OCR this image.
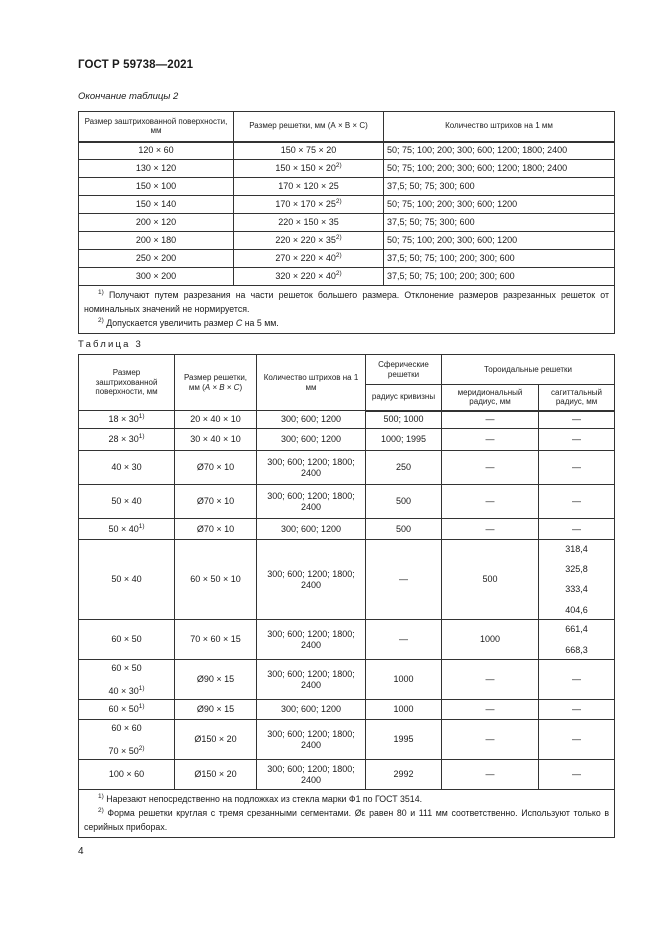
ГОСТ Р 59738—2021
Окончание таблицы 2
Размер заштрихованной поверхности, мм	Размер решетки, мм (А × B × С)	Количество штрихов на 1 мм
120 × 60	150 × 75 × 20	50; 75; 100; 200; 300; 600; 1200; 1800; 2400
130 × 120	$150 \times 150 \times 20^{2)}$	50; 75; 100; 200; 300; 600; 1200; 1800; 2400
150 × 100	170 × 120 × 25	37,5; 50; 75; 300; 600
150 × 140	$170 \times 170 \times 25^{2)}$	50; 75; 100; 200; 300; 600; 1200
200 × 120	220 × 150 × 35	37,5; 50; 75; 300; 600
200 × 180	$220 \times 220 \times 35^{2)}$	50; 75; 100; 200; 300; 600; 1200
250 × 200	$270 \times 220 \times 40^{2)}$	37,5; 50; 75; 100; 200; 300; 600
300 × 200	$320 \times 220 \times 40^{2)}$	37,5; 50; 75; 100; 200; 300; 600

$^{1)}$ Получают путем разрезания на части решеток большего размера. Отклонение размеров разрезанных решеток от номинальных значений не нормируется.
$^{2)}$ Допускается увеличить размер С на 5 мм.		
Таблица 3
Размер заштрихованной поверхности, мм	Размер решетки, мм (А × B × С)	Количество штрихов на 1 мм	Сферические решетки	Тороидальные решетки	
			радиус кривизны	меридиональный радиус, мм	сагиттальный радиус, мм
$18 \times 30^{1)}$	20 × 40 × 10	300; 600; 1200	500; 1000	—	—
$28 \times 30^{1)}$	30 × 40 × 10	300; 600; 1200	1000; 1995	—	—
40 × 30	Ø70 × 10	300; 600; 1200; 1800; 2400	250	—	—
50 × 40	Ø70 × 10	300; 600; 1200; 1800; 2400	500	—	—
$50 \times 40^{1)}$	Ø70 × 10	300; 600; 1200	500	—	—
50 × 40	60 × 50 × 10	300; 600; 1200; 1800; 2400	—	500	318,4
325,8
333,4
404,6

60 × 50	70 × 60 × 15	300; 600; 1200; 1800; 2400	—	1000	661,4
668,3

60 × 50
$40 \times 30^{1)}$	Ø90 × 15	300; 600; 1200; 1800; 2400	1000	—	—
$60 \times 50^{1)}$	Ø90 × 15	300; 600; 1200	1000	—	—

60 × 60
$70 \times 50^{2)}$	Ø150 × 20	300; 600; 1200; 1800; 2400	1995	—	—
100 × 60	Ø150 × 20	300; 600; 1200; 1800; 2400	2992	—	—

$^{1)}$ Нарезают непосредственно на подложках из стекла марки Ф1 по ГОСТ 3514.
$^{2)}$ Форма решетки круглая с тремя срезанными сегментами. Øε равен 80 и 111 мм соответственно. Используют только в серийных приборах.					
4
